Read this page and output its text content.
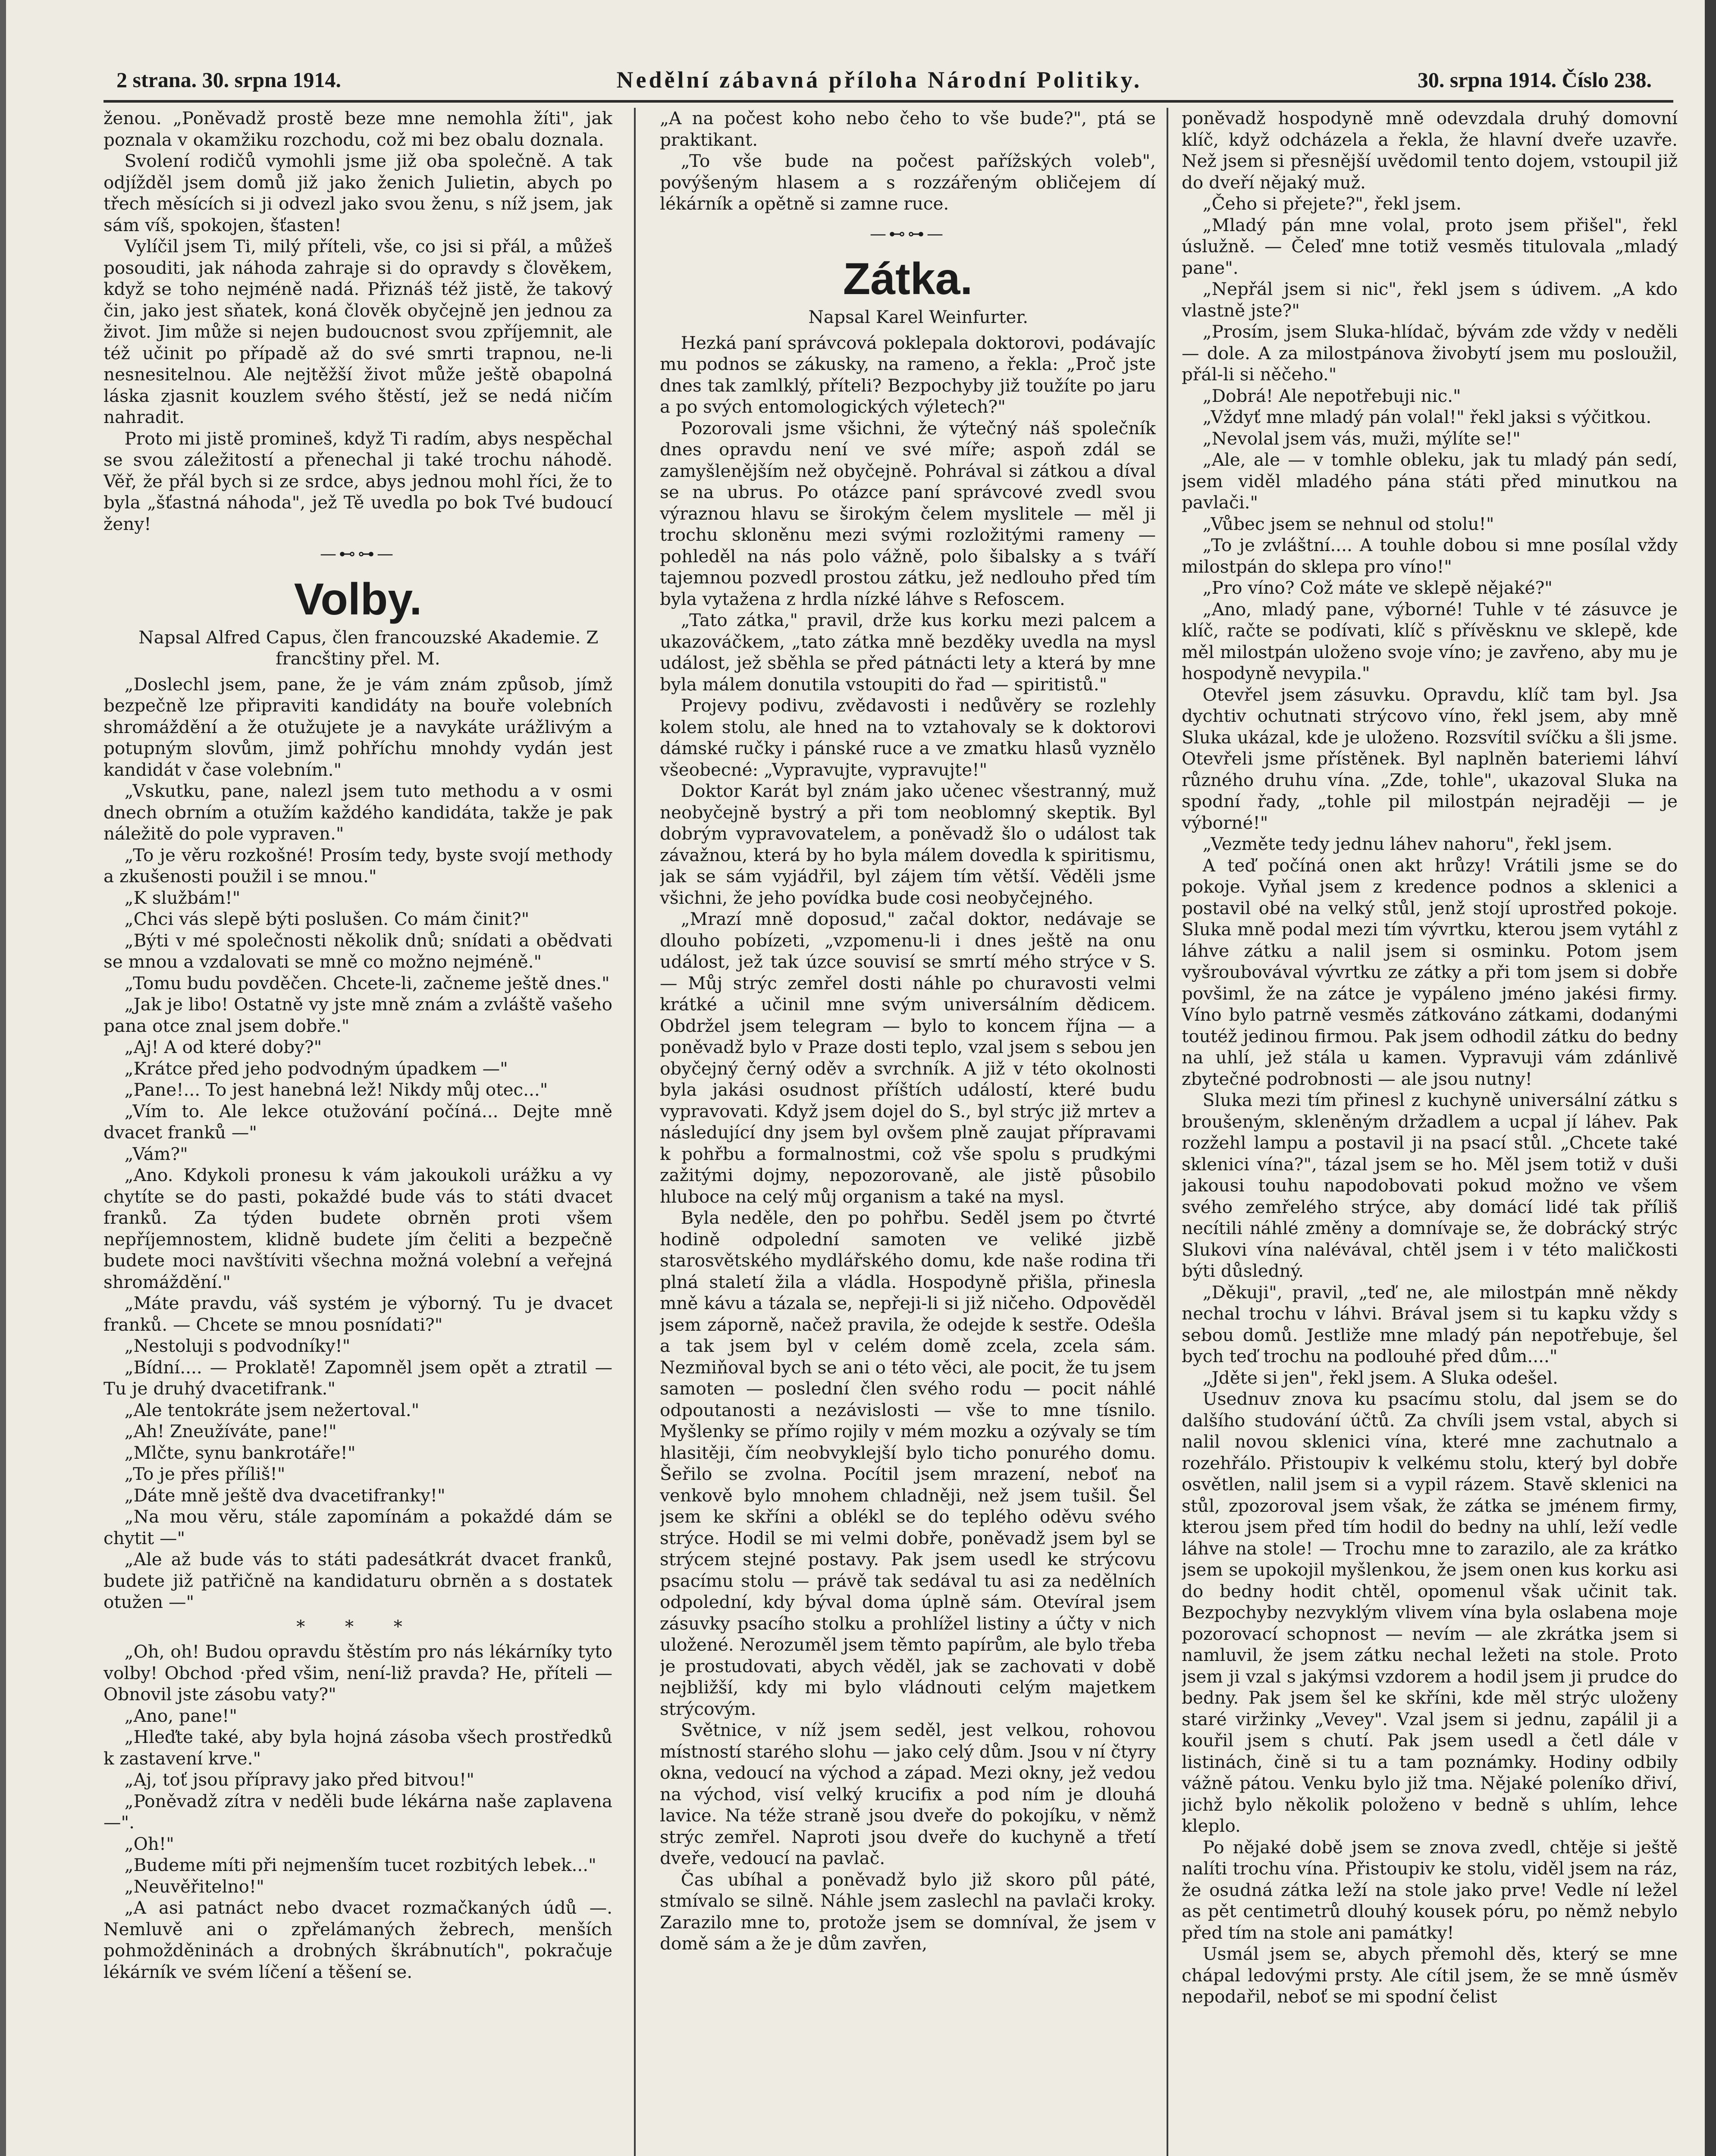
2 strana. 30. srpna 1914.	Nedělní zábavná příloha Národní Politiky.	30. srpna 1914. Číslo 238.

ženou. „Poněvadž prostě beze mne nemohla žíti", jak poznala v okamžiku rozchodu, což mi bez obalu doznala.

Svolení rodičů vymohli jsme již oba společně. A tak odjížděl jsem domů již jako ženich Julietin, abych po třech měsících si ji odvezl jako svou ženu, s níž jsem, jak sám víš, spokojen, šťasten!

Vylíčil jsem Ti, milý příteli, vše, co jsi si přál, a můžeš posouditi, jak náhoda zahraje si do opravdy s člověkem, když se toho nejméně nadá. Přiznáš též jistě, že takový čin, jako jest sňatek, koná člověk obyčejně jen jednou za život. Jim může si nejen budoucnost svou zpříjemnit, ale též učinit po případě až do své smrti trapnou, ne-li nesnesitelnou. Ale nejtěžší život může ještě obapolná láska zjasnit kouzlem svého štěstí, jež se nedá ničím nahradit.

Proto mi jistě promineš, když Ti radím, abys nespěchal se svou záležitostí a přenechal ji také trochu náhodě. Věř, že přál bych si ze srdce, abys jednou mohl říci, že to byla „šťastná náhoda", jež Tě uvedla po bok Tvé budoucí ženy!

—⊷⊶—
Volby.

Napsal Alfred Capus, člen francouzské Akademie. Z francštiny přel. M.

„Doslechl jsem, pane, že je vám znám způsob, jímž bezpečně lze připraviti kandidáty na bouře volebních shromáždění a že otužujete je a navykáte urážlivým a potupným slovům, jimž pohříchu mnohdy vydán jest kandidát v čase volebním."

„Vskutku, pane, nalezl jsem tuto methodu a v osmi dnech obrním a otužím každého kandidáta, takže je pak náležitě do pole vypraven."

„To je věru rozkošné! Prosím tedy, byste svojí methody a zkušenosti použil i se mnou."

„K službám!"

„Chci vás slepě býti poslušen. Co mám činit?"

„Býti v mé společnosti několik dnů; snídati a obědvati se mnou a vzdalovati se mně co možno nejméně."

„Tomu budu povděčen. Chcete-li, začneme ještě dnes."

„Jak je libo! Ostatně vy jste mně znám a zvláště vašeho pana otce znal jsem dobře."

„Aj! A od které doby?"

„Krátce před jeho podvodným úpadkem —"

„Pane!... To jest hanebná lež! Nikdy můj otec..."

„Vím to. Ale lekce otužování počíná... Dejte mně dvacet franků —"

„Vám?"

„Ano. Kdykoli pronesu k vám jakoukoli urážku a vy chytíte se do pasti, pokaždé bude vás to státi dvacet franků. Za týden budete obrněn proti všem nepříjemnostem, klidně budete jím čeliti a bezpečně budete moci navštíviti všechna možná volební a veřejná shromáždění."

„Máte pravdu, váš systém je výborný. Tu je dvacet franků. — Chcete se mnou posnídati?"

„Nestoluji s podvodníky!"

„Bídní.... — Proklatě! Zapomněl jsem opět a ztratil — Tu je druhý dvacetifrank."

„Ale tentokráte jsem nežertoval."

„Ah! Zneužíváte, pane!"

„Mlčte, synu bankrotáře!"

„To je přes příliš!"

„Dáte mně ještě dva dvacetifranky!"

„Na mou věru, stále zapomínám a pokaždé dám se chytit —"

„Ale až bude vás to státi padesátkrát dvacet franků, budete již patřičně na kandidaturu obrněn a s dostatek otužen —"

* * *

„Oh, oh! Budou opravdu štěstím pro nás lékárníky tyto volby! Obchod ·před všim, není-liž pravda? He, příteli — Obnovil jste zásobu vaty?"

„Ano, pane!"

„Hleďte také, aby byla hojná zásoba všech prostředků k zastavení krve."

„Aj, toť jsou přípravy jako před bitvou!"

„Poněvadž zítra v neděli bude lékárna naše zaplavena —".

„Oh!"

„Budeme míti při nejmenším tucet rozbitých lebek..."

„Neuvěřitelno!"

„A asi patnáct nebo dvacet rozmačkaných údů —. Nemluvě ani o zpřelámaných žebrech, menších pohmožděninách a drobných škrábnutích", pokračuje lékárník ve svém líčení a těšení se.

„A na počest koho nebo čeho to vše bude?", ptá se praktikant.

„To vše bude na počest pařížských voleb", povýšeným hlasem a s rozzářeným obličejem dí lékárník a opětně si zamne ruce.

—⊷⊶—
Zátka.

Napsal Karel Weinfurter.

Hezká paní správcová poklepala doktorovi, podávajíc mu podnos se zákusky, na rameno, a řekla: „Proč jste dnes tak zamlklý, příteli? Bezpochyby již toužíte po jaru a po svých entomologických výletech?"

Pozorovali jsme všichni, že výtečný náš společník dnes opravdu není ve své míře; aspoň zdál se zamyšlenějším než obyčejně. Pohrával si zátkou a díval se na ubrus. Po otázce paní správcové zvedl svou výraznou hlavu se širokým čelem myslitele — měl ji trochu skloněnu mezi svými rozložitými rameny — pohleděl na nás polo vážně, polo šibalsky a s tváří tajemnou pozvedl prostou zátku, jež nedlouho před tím byla vytažena z hrdla nízké láhve s Refoscem.

„Tato zátka," pravil, drže kus korku mezi palcem a ukazováčkem, „tato zátka mně bezděky uvedla na mysl událost, jež sběhla se před pátnácti lety a která by mne byla málem donutila vstoupiti do řad — spiritistů."

Projevy podivu, zvědavosti i nedůvěry se rozlehly kolem stolu, ale hned na to vztahovaly se k doktorovi dámské ručky i pánské ruce a ve zmatku hlasů vyznělo všeobecné: „Vypravujte, vypravujte!"

Doktor Karát byl znám jako učenec všestranný, muž neobyčejně bystrý a při tom neoblomný skeptik. Byl dobrým vypravovatelem, a poněvadž šlo o událost tak závažnou, která by ho byla málem dovedla k spiritismu, jak se sám vyjádřil, byl zájem tím větší. Věděli jsme všichni, že jeho povídka bude cosi neobyčejného.

„Mrazí mně doposud," začal doktor, nedávaje se dlouho pobízeti, „vzpomenu-li i dnes ještě na onu událost, jež tak úzce souvisí se smrtí mého strýce v S. — Můj strýc zemřel dosti náhle po churavosti velmi krátké a učinil mne svým universálním dědicem. Obdržel jsem telegram — bylo to koncem října — a poněvadž bylo v Praze dosti teplo, vzal jsem s sebou jen obyčejný černý oděv a svrchník. A již v této okolnosti byla jakási osudnost příštích událostí, které budu vypravovati. Když jsem dojel do S., byl strýc již mrtev a následující dny jsem byl ovšem plně zaujat přípravami k pohřbu a formalnostmi, což vše spolu s prudkými zažitými dojmy, nepozorovaně, ale jistě působilo hluboce na celý můj organism a také na mysl.

Byla neděle, den po pohřbu. Seděl jsem po čtvrté hodině odpolední samoten ve veliké jizbě starosvětského mydlářského domu, kde naše rodina tři plná staletí žila a vládla. Hospodyně přišla, přinesla mně kávu a tázala se, nepřeji-li si již ničeho. Odpověděl jsem záporně, načež pravila, že odejde k sestře. Odešla a tak jsem byl v celém domě zcela, zcela sám. Nezmiňoval bych se ani o této věci, ale pocit, že tu jsem samoten — poslední člen svého rodu — pocit náhlé odpoutanosti a nezávislosti — vše to mne tísnilo. Myšlenky se přímo rojily v mém mozku a ozývaly se tím hlasitěji, čím neobvyklejší bylo ticho ponurého domu. Šeřilo se zvolna. Pocítil jsem mrazení, neboť na venkově bylo mnohem chladněji, než jsem tušil. Šel jsem ke skříni a oblékl se do teplého oděvu svého strýce. Hodil se mi velmi dobře, poněvadž jsem byl se strýcem stejné postavy. Pak jsem usedl ke strýcovu psacímu stolu — právě tak sedával tu asi za nedělních odpolední, kdy býval doma úplně sám. Otevíral jsem zásuvky psacího stolku a prohlížel listiny a účty v nich uložené. Nerozuměl jsem těmto papírům, ale bylo třeba je prostudovati, abych věděl, jak se zachovati v době nejbližší, kdy mi bylo vládnouti celým majetkem strýcovým.

Světnice, v níž jsem seděl, jest velkou, rohovou místností starého slohu — jako celý dům. Jsou v ní čtyry okna, vedoucí na východ a západ. Mezi okny, jež vedou na východ, visí velký krucifix a pod ním je dlouhá lavice. Na téže straně jsou dveře do pokojíku, v němž strýc zemřel. Naproti jsou dveře do kuchyně a třetí dveře, vedoucí na pavlač.

Čas ubíhal a poněvadž bylo již skoro půl páté, stmívalo se silně. Náhle jsem zaslechl na pavlači kroky. Zarazilo mne to, protože jsem se domníval, že jsem v domě sám a že je dům zavřen,

poněvadž hospodyně mně odevzdala druhý domovní klíč, když odcházela a řekla, že hlavní dveře uzavře. Než jsem si přesnější uvědomil tento dojem, vstoupil již do dveří nějaký muž.

„Čeho si přejete?", řekl jsem.

„Mladý pán mne volal, proto jsem přišel", řekl úslužně. — Čeleď mne totiž vesměs titulovala „mladý pane".

„Nepřál jsem si nic", řekl jsem s údivem. „A kdo vlastně jste?"

„Prosím, jsem Sluka-hlídač, bývám zde vždy v neděli — dole. A za milostpánova živobytí jsem mu posloužil, přál-li si něčeho."

„Dobrá! Ale nepotřebuji nic."

„Vždyť mne mladý pán volal!" řekl jaksi s výčitkou.

„Nevolal jsem vás, muži, mýlíte se!"

„Ale, ale — v tomhle obleku, jak tu mladý pán sedí, jsem viděl mladého pána státi před minutkou na pavlači."

„Vůbec jsem se nehnul od stolu!"

„To je zvláštní.... A touhle dobou si mne posílal vždy milostpán do sklepa pro víno!"

„Pro víno? Což máte ve sklepě nějaké?"

„Ano, mladý pane, výborné! Tuhle v té zásuvce je klíč, račte se podívati, klíč s přívěsknu ve sklepě, kde měl milostpán uloženo svoje víno; je zavřeno, aby mu je hospodyně nevypila."

Otevřel jsem zásuvku. Opravdu, klíč tam byl. Jsa dychtiv ochutnati strýcovo víno, řekl jsem, aby mně Sluka ukázal, kde je uloženo. Rozsvítil svíčku a šli jsme. Otevřeli jsme přístěnek. Byl naplněn bateriemi láhví různého druhu vína. „Zde, tohle", ukazoval Sluka na spodní řady, „tohle pil milostpán nejraději — je výborné!"

„Vezměte tedy jednu láhev nahoru", řekl jsem.

A teď počíná onen akt hrůzy! Vrátili jsme se do pokoje. Vyňal jsem z kredence podnos a sklenici a postavil obé na velký stůl, jenž stojí uprostřed pokoje. Sluka mně podal mezi tím vývrtku, kterou jsem vytáhl z láhve zátku a nalil jsem si osminku. Potom jsem vyšroubovával vývrtku ze zátky a při tom jsem si dobře povšiml, že na zátce je vypáleno jméno jakési firmy. Víno bylo patrně vesměs zátkováno zátkami, dodanými toutéž jedinou firmou. Pak jsem odhodil zátku do bedny na uhlí, jež stála u kamen. Vypravuji vám zdánlivě zbytečné podrobnosti — ale jsou nutny!

Sluka mezi tím přinesl z kuchyně universální zátku s broušeným, skleněným držadlem a ucpal jí láhev. Pak rozžehl lampu a postavil ji na psací stůl. „Chcete také sklenici vína?", tázal jsem se ho. Měl jsem totiž v duši jakousi touhu napodobovati pokud možno ve všem svého zemřelého strýce, aby domácí lidé tak příliš necítili náhlé změny a domnívaje se, že dobrácký strýc Slukovi vína nalévával, chtěl jsem i v této maličkosti býti důsledný.

„Děkuji", pravil, „teď ne, ale milostpán mně někdy nechal trochu v láhvi. Brával jsem si tu kapku vždy s sebou domů. Jestliže mne mladý pán nepotřebuje, šel bych teď trochu na podlouhé před dům...."

„Jděte si jen", řekl jsem. A Sluka odešel.

Usednuv znova ku psacímu stolu, dal jsem se do dalšího studování účtů. Za chvíli jsem vstal, abych si nalil novou sklenici vína, které mne zachutnalo a rozehřálo. Přistoupiv k velkému stolu, který byl dobře osvětlen, nalil jsem si a vypil rázem. Stavě sklenici na stůl, zpozoroval jsem však, že zátka se jménem firmy, kterou jsem před tím hodil do bedny na uhlí, leží vedle láhve na stole! — Trochu mne to zarazilo, ale za krátko jsem se upokojil myšlenkou, že jsem onen kus korku asi do bedny hodit chtěl, opomenul však učinit tak. Bezpochyby nezvyklým vlivem vína byla oslabena moje pozorovací schopnost — nevím — ale zkrátka jsem si namluvil, že jsem zátku nechal ležeti na stole. Proto jsem ji vzal s jakýmsi vzdorem a hodil jsem ji prudce do bedny. Pak jsem šel ke skříni, kde měl strýc uloženy staré viržinky „Vevey". Vzal jsem si jednu, zapálil ji a kouřil jsem s chutí. Pak jsem usedl a četl dále v listinách, čině si tu a tam poznámky. Hodiny odbily vážně pátou. Venku bylo již tma. Nějaké poleníko dřiví, jichž bylo několik položeno v bedně s uhlím, lehce kleplo.

Po nějaké době jsem se znova zvedl, chtěje si ještě nalíti trochu vína. Přistoupiv ke stolu, viděl jsem na ráz, že osudná zátka leží na stole jako prve! Vedle ní ležel as pět centimetrů dlouhý kousek póru, po němž nebylo před tím na stole ani památky!

Usmál jsem se, abych přemohl děs, který se mne chápal ledovými prsty. Ale cítil jsem, že se mně úsměv nepodařil, neboť se mi spodní čelist
